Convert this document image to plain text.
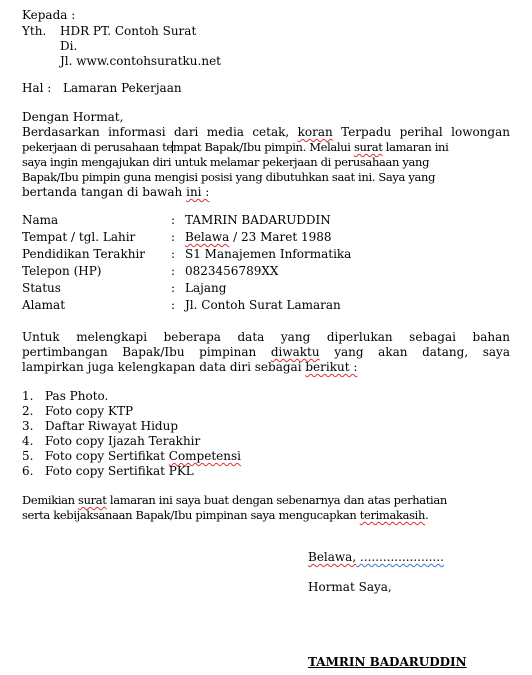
Kepada :
Yth. HDR PT. Contoh Surat
Di.
Jl. www.contohsuratku.net
Hal : Lamaran Pekerjaan
Dengan Hormat,
Berdasarkan informasi dari media cetak, koran Terpadu perihal lowongan
pekerjaan di perusahaan tempat Bapak/Ibu pimpin. Melalui surat lamaran ini
saya ingin mengajukan diri untuk melamar pekerjaan di perusahaan yang
Bapak/Ibu pimpin guna mengisi posisi yang dibutuhkan saat ini. Saya yang
bertanda tangan di bawah ini :
Nama	: TAMRIN BADARUDDIN
Tempat / tgl. Lahir	: Belawa / 23 Maret 1988
Pendidikan Terakhir : S1 Manajemen Informatika
Telepon (HP)	: 0823456789XX
Status	: Lajang
Alamat	: Jl. Contoh Surat Lamaran
Untuk melengkapi beberapa data yang diperlukan sebagai bahan
pertimbangan Bapak/Ibu pimpinan diwaktu yang akan datang, saya
lampirkan juga kelengkapan data diri sebagai berikut :
1. Pas Photo.
2. Foto copy KTP
3. Daftar Riwayat Hidup
4. Foto copy Ijazah Terakhir
5. Foto copy Sertifikat Competensi
6. Foto copy Sertifikat PKL
Demikian surat lamaran ini saya buat dengan sebenarnya dan atas perhatian
serta kebijaksanaan Bapak/Ibu pimpinan saya mengucapkan terimakasih.
Belawa, ......................
Hormat Saya,
TAMRIN BADARUDDIN
